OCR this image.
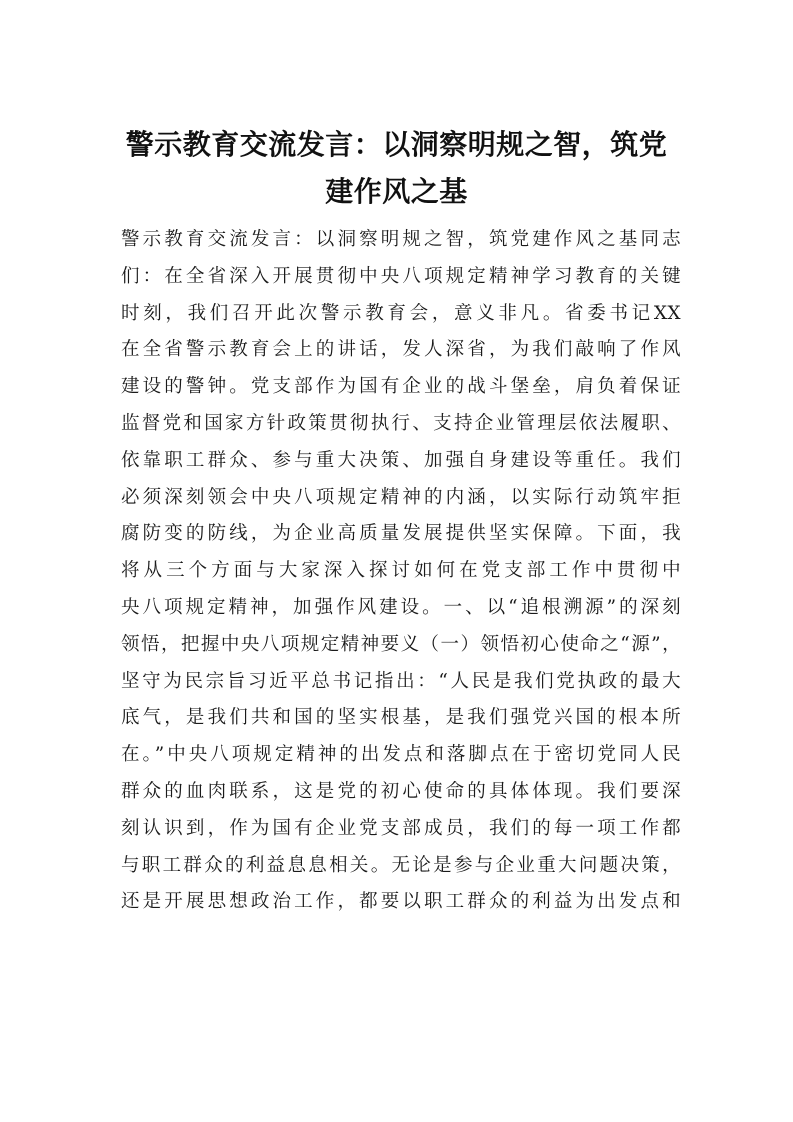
警示教育交流发言：以洞察明规之智，筑党
建作风之基
警示教育交流发言：以洞察明规之智，筑党建作风之基同志
们：在全省深入开展贯彻中央八项规定精神学习教育的关键
时刻，我们召开此次警示教育会，意义非凡。省委书记XX
在全省警示教育会上的讲话，发人深省，为我们敲响了作风
建设的警钟。党支部作为国有企业的战斗堡垒，肩负着保证
监督党和国家方针政策贯彻执行、支持企业管理层依法履职、
依靠职工群众、参与重大决策、加强自身建设等重任。我们
必须深刻领会中央八项规定精神的内涵，以实际行动筑牢拒
腐防变的防线，为企业高质量发展提供坚实保障。下面，我
将从三个方面与大家深入探讨如何在党支部工作中贯彻中
央八项规定精神，加强作风建设。一、以“追根溯源”的深刻
领悟，把握中央八项规定精神要义（一）领悟初心使命之“源”，
坚守为民宗旨习近平总书记指出：“人民是我们党执政的最大
底气，是我们共和国的坚实根基，是我们强党兴国的根本所
在。”中央八项规定精神的出发点和落脚点在于密切党同人民
群众的血肉联系，这是党的初心使命的具体体现。我们要深
刻认识到，作为国有企业党支部成员，我们的每一项工作都
与职工群众的利益息息相关。无论是参与企业重大问题决策，
还是开展思想政治工作，都要以职工群众的利益为出发点和
